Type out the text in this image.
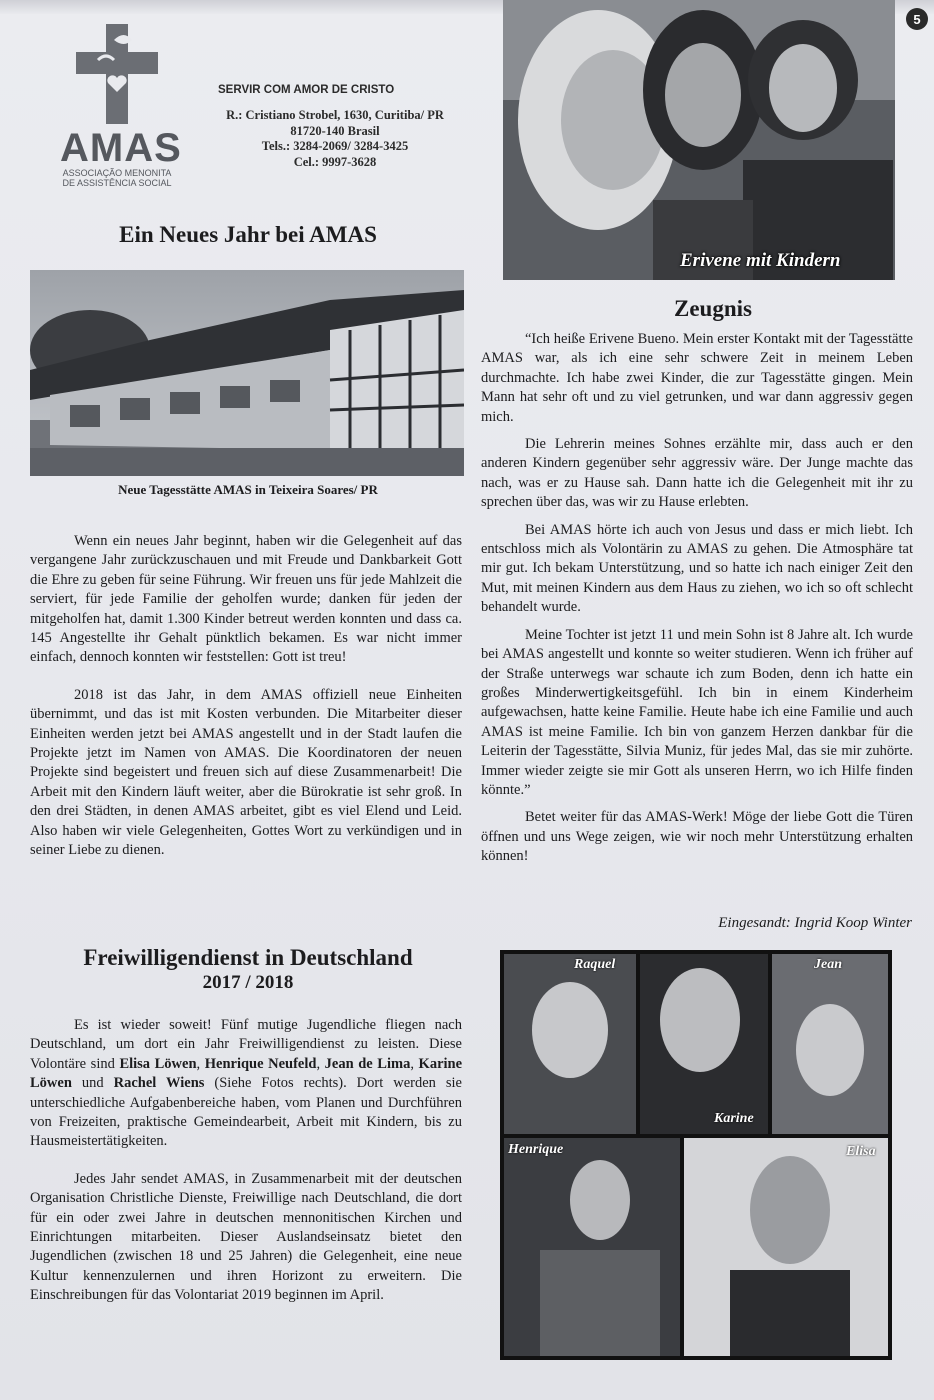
5
AMAS
ASSOCIAÇÃO MENONITA
DE ASSISTÊNCIA SOCIAL
SERVIR COM AMOR DE CRISTO
R.: Cristiano Strobel, 1630, Curitiba/ PR
81720-140 Brasil
Tels.: 3284-2069/ 3284-3425
Cel.: 9997-3628
Ein Neues Jahr bei AMAS
Neue Tagesstätte AMAS in Teixeira Soares/ PR

Wenn ein neues Jahr beginnt, haben wir die Gelegenheit auf das vergangene Jahr zurückzuschauen und mit Freude und Dankbarkeit Gott die Ehre zu geben für seine Führung. Wir freuen uns für jede Mahlzeit die serviert, für jede Familie der geholfen wurde; danken für jeden der mitgeholfen hat, damit 1.300 Kinder betreut werden konnten und dass ca. 145 Angestellte ihr Gehalt pünktlich bekamen. Es war nicht immer einfach, dennoch konnten wir feststellen: Gott ist treu!

2018 ist das Jahr, in dem AMAS offiziell neue Einheiten übernimmt, und das ist mit Kosten verbunden. Die Mitarbeiter dieser Einheiten werden jetzt bei AMAS angestellt und in der Stadt laufen die Projekte jetzt im Namen von AMAS. Die Koordinatoren der neuen Projekte sind begeistert und freuen sich auf diese Zusammenarbeit! Die Arbeit mit den Kindern läuft weiter, aber die Bürokratie ist sehr groß. In den drei Städten, in denen AMAS arbeitet, gibt es viel Elend und Leid. Also haben wir viele Gelegenheiten, Gottes Wort zu verkündigen und in seiner Liebe zu dienen.

Freiwilligendienst in Deutschland
2017 / 2018

Es ist wieder soweit! Fünf mutige Jugendliche fliegen nach Deutschland, um dort ein Jahr Freiwilligendienst zu leisten. Diese Volontäre sind Elisa Löwen, Henrique Neufeld, Jean de Lima, Karine Löwen und Rachel Wiens (Siehe Fotos rechts). Dort werden sie unterschiedliche Aufgabenbereiche haben, vom Planen und Durchführen von Freizeiten, praktische Gemeindearbeit, Arbeit mit Kindern, bis zu Hausmeistertätigkeiten.

Jedes Jahr sendet AMAS, in Zusammenarbeit mit der deutschen Organisation Christliche Dienste, Freiwillige nach Deutschland, die dort für ein oder zwei Jahre in deutschen mennonitischen Kirchen und Einrichtungen mitarbeiten. Dieser Auslandseinsatz bietet den Jugendlichen (zwischen 18 und 25 Jahren) die Gelegenheit, eine neue Kultur kennenzulernen und ihren Horizont zu erweitern. Die Einschreibungen für das Volontariat 2019 beginnen im April.

Erivene mit Kindern
Zeugnis

“Ich heiße Erivene Bueno. Mein erster Kontakt mit der Tagesstätte AMAS war, als ich eine sehr schwere Zeit in meinem Leben durchmachte. Ich habe zwei Kinder, die zur Tagesstätte gingen. Mein Mann hat sehr oft und zu viel getrunken, und war dann aggressiv gegen mich.

Die Lehrerin meines Sohnes erzählte mir, dass auch er den anderen Kindern gegenüber sehr aggressiv wäre. Der Junge machte das nach, was er zu Hause sah. Dann hatte ich die Gelegenheit mit ihr zu sprechen über das, was wir zu Hause erlebten.

Bei AMAS hörte ich auch von Jesus und dass er mich liebt. Ich entschloss mich als Volontärin zu AMAS zu gehen. Die Atmosphäre tat mir gut. Ich bekam Unterstützung, und so hatte ich nach einiger Zeit den Mut, mit meinen Kindern aus dem Haus zu ziehen, wo ich so oft schlecht behandelt wurde.

Meine Tochter ist jetzt 11 und mein Sohn ist 8 Jahre alt. Ich wurde bei AMAS angestellt und konnte so weiter studieren. Wenn ich früher auf der Straße unterwegs war schaute ich zum Boden, denn ich hatte ein großes Minderwertigkeitsgefühl. Ich bin in einem Kinderheim aufgewachsen, hatte keine Familie. Heute habe ich eine Familie und auch AMAS ist meine Familie. Ich bin von ganzem Herzen dankbar für die Leiterin der Tagesstätte, Silvia Muniz, für jedes Mal, das sie mir zuhörte. Immer wieder zeigte sie mir Gott als unseren Herrn, wo ich Hilfe finden könnte.”

Betet weiter für das AMAS-Werk! Möge der liebe Gott die Türen öffnen und uns Wege zeigen, wie wir noch mehr Unterstützung erhalten können!

Eingesandt: Ingrid Koop Winter
Raquel	Jean
Karine
Henrique	Elisa
